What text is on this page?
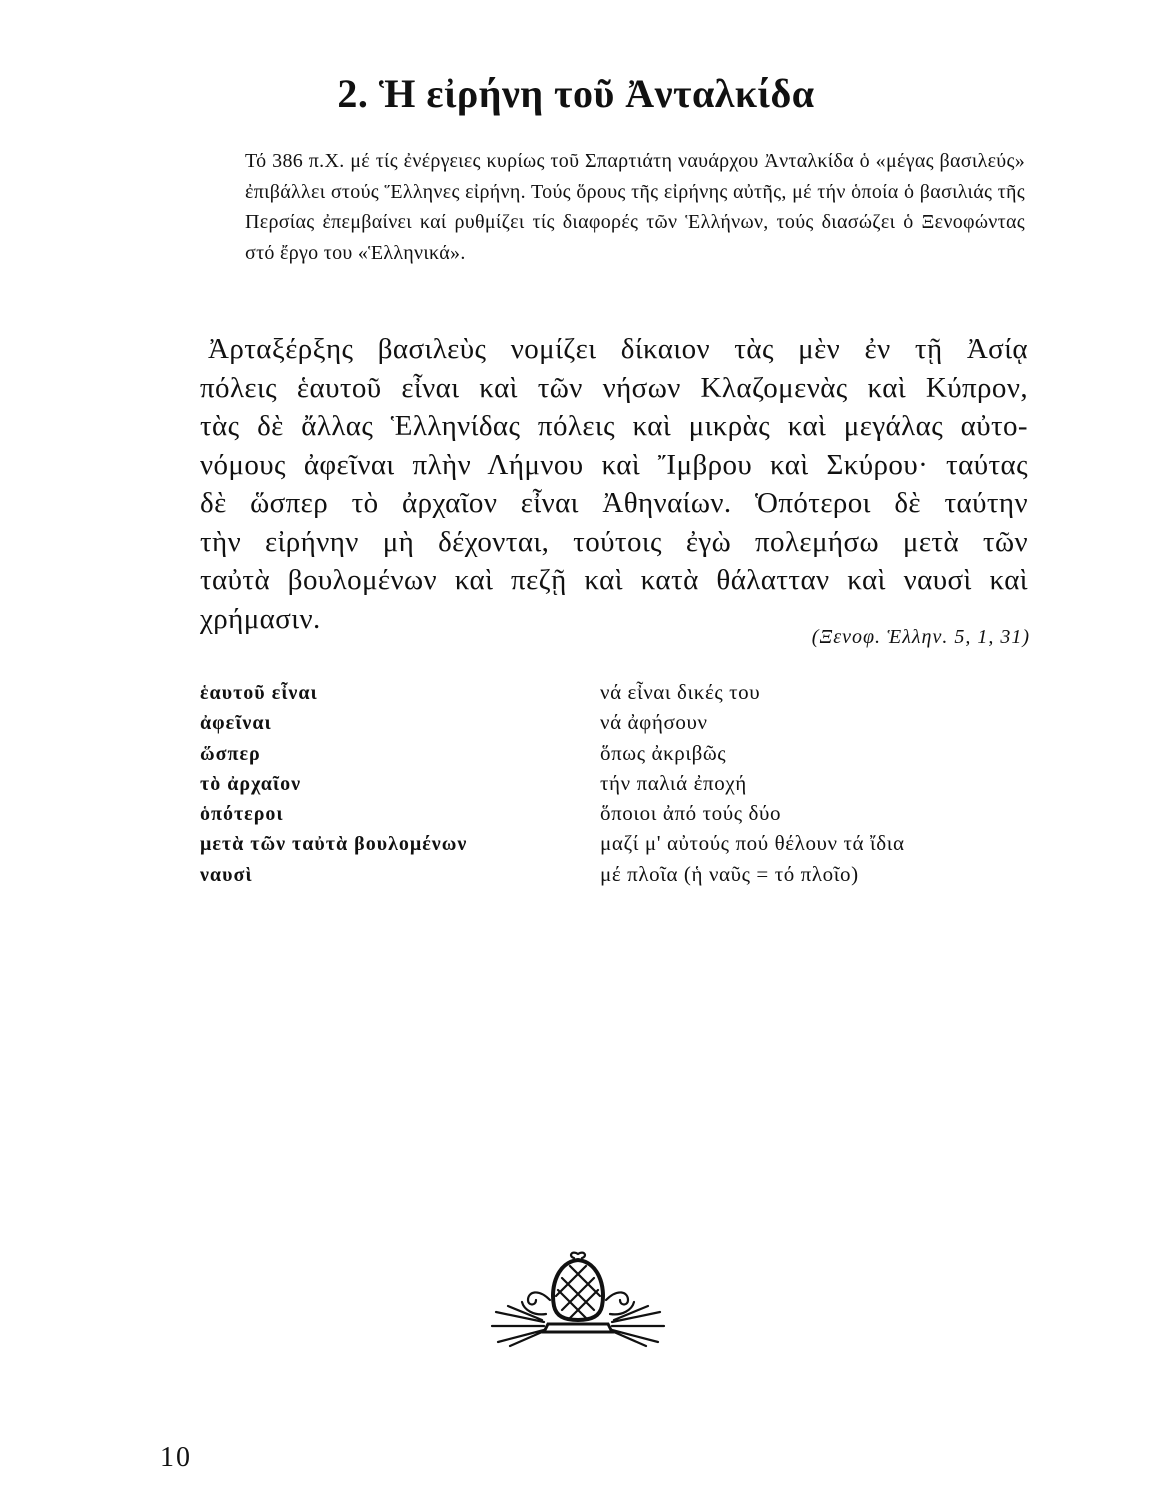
2. Ἡ εἰρήνη τοῦ Ἀνταλκίδα
Τό 386 π.Χ. μέ τίς ἐνέργειες κυρίως τοῦ Σπαρτιάτη ναυάρχου Ἀνταλκίδα ὁ «μέγας βασιλεύς» ἐπιβάλλει στούς Ἕλληνες εἰρήνη. Τούς ὅρους τῆς εἰρήνης αὐτῆς, μέ τήν ὁποία ὁ βασιλιάς τῆς Περσίας ἐπεμβαίνει καί ρυθμίζει τίς διαφορές τῶν Ἑλλήνων, τούς διασώζει ὁ Ξενοφώντας στό ἔργο του «Ἑλληνικά».
Ἀρταξέρξης βασιλεὺς νομίζει δίκαιον τὰς μὲν ἐν τῇ Ἀσίᾳ
πόλεις ἑαυτοῦ εἶναι καὶ τῶν νήσων Κλαζομενὰς καὶ Κύπρον,
τὰς δὲ ἄλλας Ἑλληνίδας πόλεις καὶ μικρὰς καὶ μεγάλας αὐτο-
νόμους ἀφεῖναι πλὴν Λήμνου καὶ Ἴμβρου καὶ Σκύρου· ταύτας
δὲ ὥσπερ τὸ ἀρχαῖον εἶναι Ἀθηναίων. Ὁπότεροι δὲ ταύτην
τὴν εἰρήνην μὴ δέχονται, τούτοις ἐγὼ πολεμήσω μετὰ τῶν
ταὐτὰ βουλομένων καὶ πεζῇ καὶ κατὰ θάλατταν καὶ ναυσὶ καὶ
χρήμασιν.
(Ξενοφ. Ἑλλην. 5, 1, 31)
ἑαυτοῦ εἶναι	νά εἶναι δικές του
ἀφεῖναι	νά ἀφήσουν
ὥσπερ	ὅπως ἀκριβῶς
τὸ ἀρχαῖον	τήν παλιά ἐποχή
ὁπότεροι	ὅποιοι ἀπό τούς δύο
μετὰ τῶν ταὐτὰ βουλομένων	μαζί μ' αὐτούς πού θέλουν τά ἴδια
ναυσὶ	μέ πλοῖα (ἡ ναῦς = τό πλοῖο)
10
